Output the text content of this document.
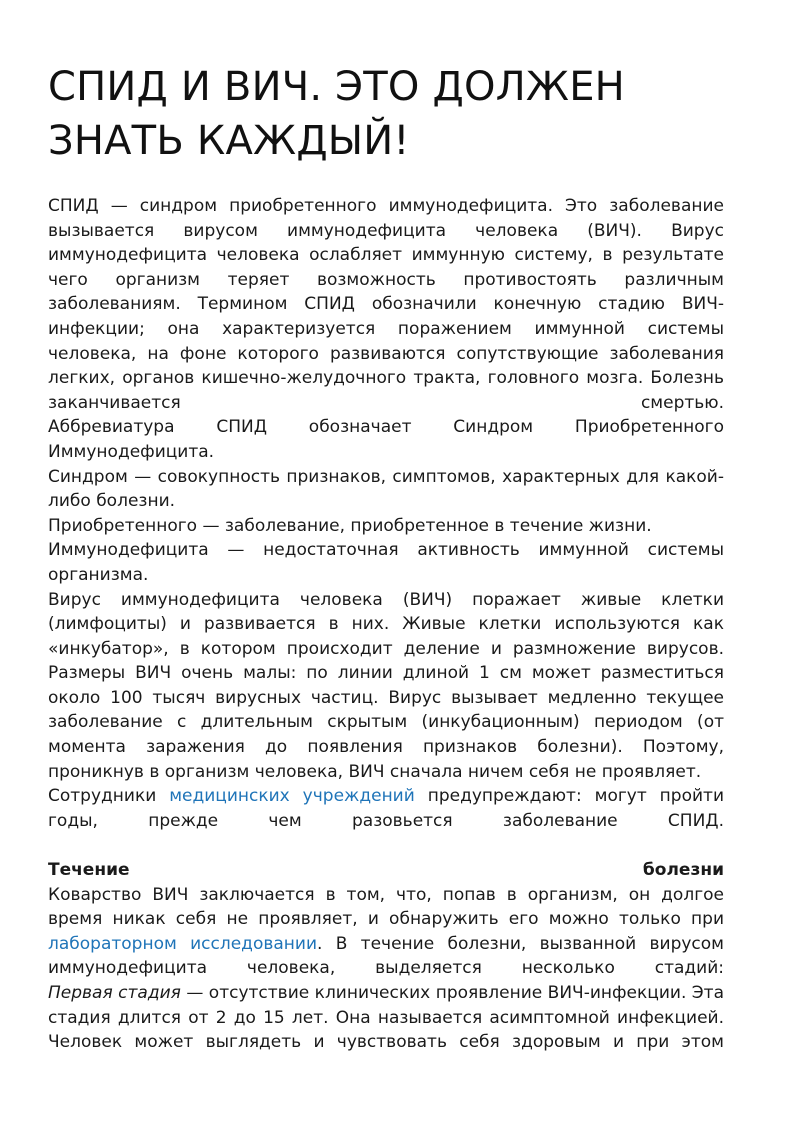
СПИД И ВИЧ. ЭТО ДОЛЖЕН ЗНАТЬ КАЖДЫЙ!

СПИД — синдром приобретенного иммунодефицита. Это заболевание вызывается вирусом иммунодефицита человека (ВИЧ). Вирус иммунодефицита человека ослабляет иммунную систему, в результате чего организм теряет возможность противостоять различным заболеваниям. Термином СПИД обозначили конечную стадию ВИЧ-инфекции; она характеризуется поражением иммунной системы человека, на фоне которого развиваются сопутствующие заболевания легких, органов кишечно-желудочного тракта, головного мозга. Болезнь заканчивается смертью.

Аббревиатура СПИД обозначает Синдром Приобретенного Иммунодефицита.

Синдром — совокупность признаков, симптомов, характерных для какой-либо болезни.

Приобретенного — заболевание, приобретенное в течение жизни.

Иммунодефицита — недостаточная активность иммунной системы организма.

Вирус иммунодефицита человека (ВИЧ) поражает живые клетки (лимфоциты) и развивается в них. Живые клетки используются как «инкубатор», в котором происходит деление и размножение вирусов. Размеры ВИЧ очень малы: по линии длиной 1 см может разместиться около 100 тысяч вирусных частиц. Вирус вызывает медленно текущее заболевание с длительным скрытым (инкубационным) периодом (от момента заражения до появления признаков болезни). Поэтому, проникнув в организм человека, ВИЧ сначала ничем себя не проявляет.

Сотрудники медицинских учреждений предупреждают: могут пройти годы, прежде чем разовьется заболевание СПИД.

Течение болезни

Коварство ВИЧ заключается в том, что, попав в организм, он долгое время никак себя не проявляет, и обнаружить его можно только при лабораторном исследовании. В течение болезни, вызванной вирусом иммунодефицита человека, выделяется несколько стадий:

Первая стадия — отсутствие клинических проявление ВИЧ-инфекции. Эта стадия длится от 2 до 15 лет. Она называется асимптомной инфекцией. Человек может выглядеть и чувствовать себя здоровым и при этом
